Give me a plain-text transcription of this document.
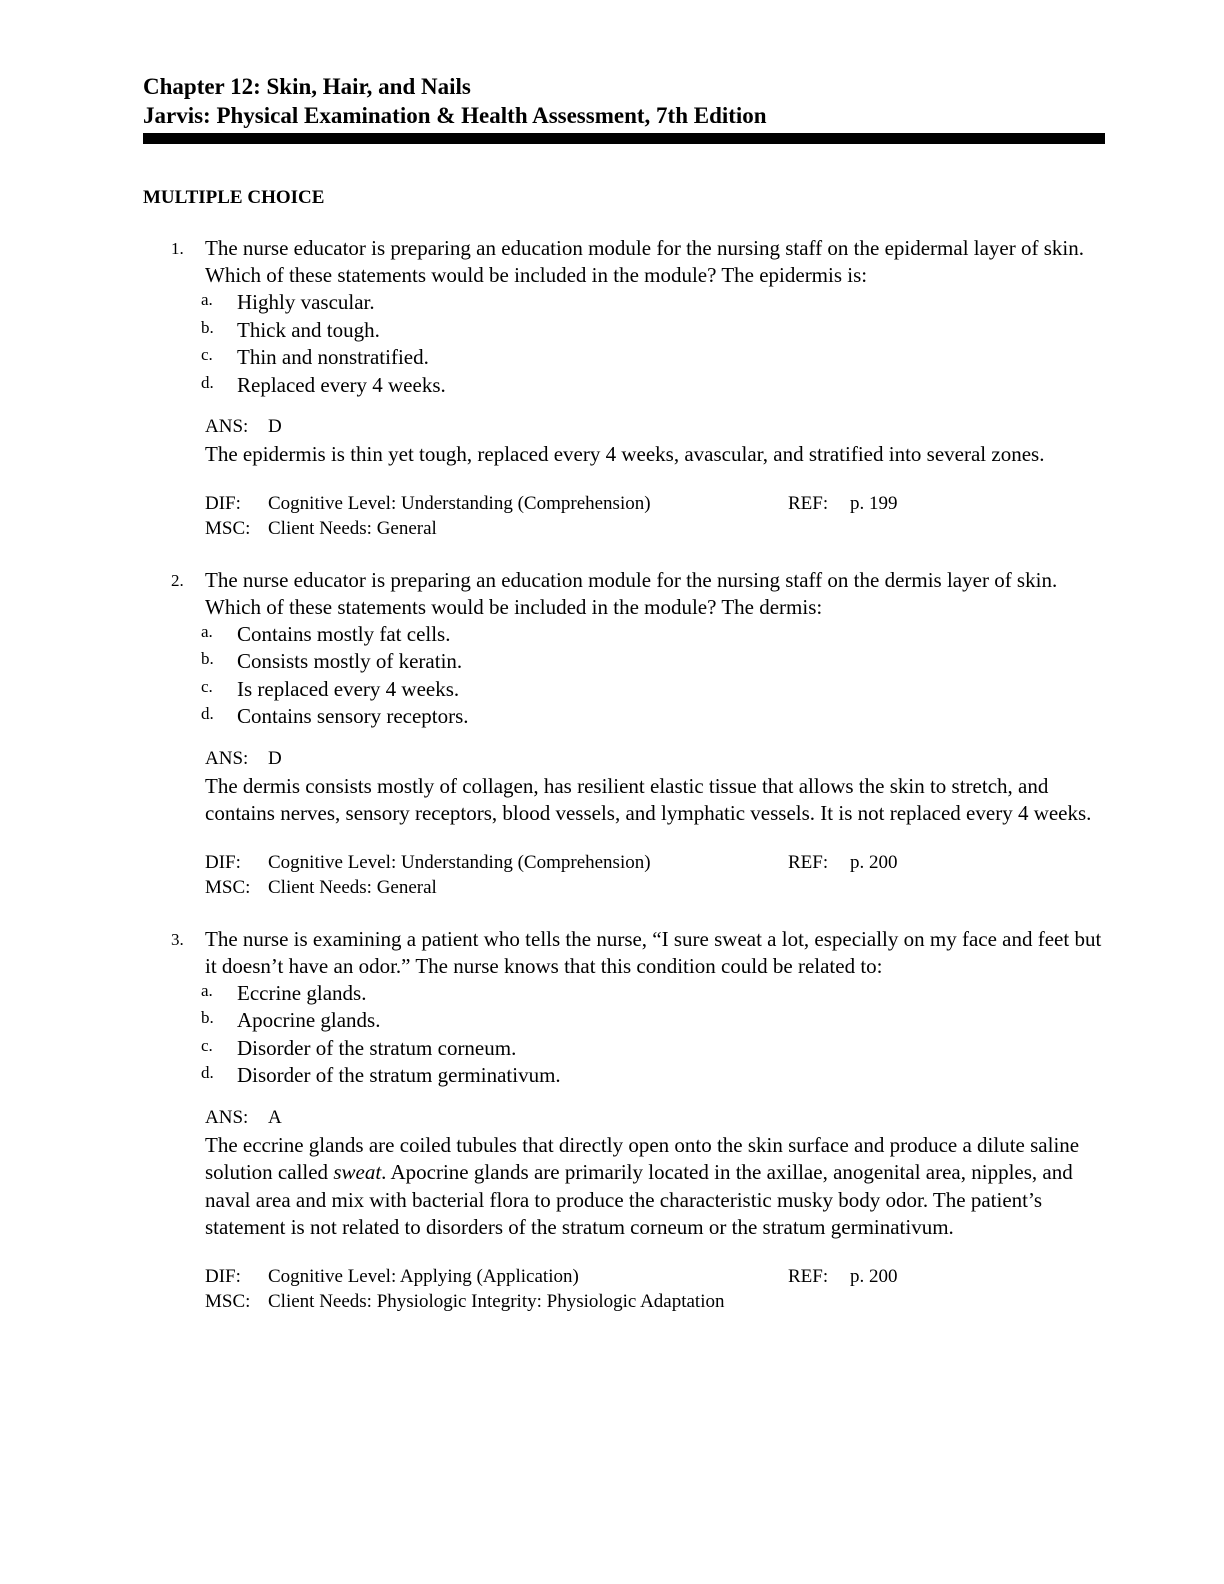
Chapter 12: Skin, Hair, and Nails
Jarvis: Physical Examination & Health Assessment, 7th Edition
MULTIPLE CHOICE
1. The nurse educator is preparing an education module for the nursing staff on the epidermal layer of skin. Which of these statements would be included in the module? The epidermis is:

a. Highly vascular.
b. Thick and tough.
c. Thin and nonstratified.
d. Replaced every 4 weeks.
ANS: D

The epidermis is thin yet tough, replaced every 4 weeks, avascular, and stratified into several zones.

DIF: Cognitive Level: Understanding (Comprehension)	REF: p. 199
MSC: Client Needs: General
2. The nurse educator is preparing an education module for the nursing staff on the dermis layer of skin. Which of these statements would be included in the module? The dermis:

a. Contains mostly fat cells.
b. Consists mostly of keratin.
c. Is replaced every 4 weeks.
d. Contains sensory receptors.
ANS: D

The dermis consists mostly of collagen, has resilient elastic tissue that allows the skin to stretch, and contains nerves, sensory receptors, blood vessels, and lymphatic vessels. It is not replaced every 4 weeks.

DIF: Cognitive Level: Understanding (Comprehension)	REF: p. 200
MSC: Client Needs: General
3. The nurse is examining a patient who tells the nurse, “I sure sweat a lot, especially on my face and feet but it doesn’t have an odor.” The nurse knows that this condition could be related to:

a. Eccrine glands.
b. Apocrine glands.
c. Disorder of the stratum corneum.
d. Disorder of the stratum germinativum.
ANS: A

The eccrine glands are coiled tubules that directly open onto the skin surface and produce a dilute saline solution called sweat. Apocrine glands are primarily located in the axillae, anogenital area, nipples, and naval area and mix with bacterial flora to produce the characteristic musky body odor. The patient’s statement is not related to disorders of the stratum corneum or the stratum germinativum.

DIF: Cognitive Level: Applying (Application)	REF: p. 200
MSC: Client Needs: Physiologic Integrity: Physiologic Adaptation
